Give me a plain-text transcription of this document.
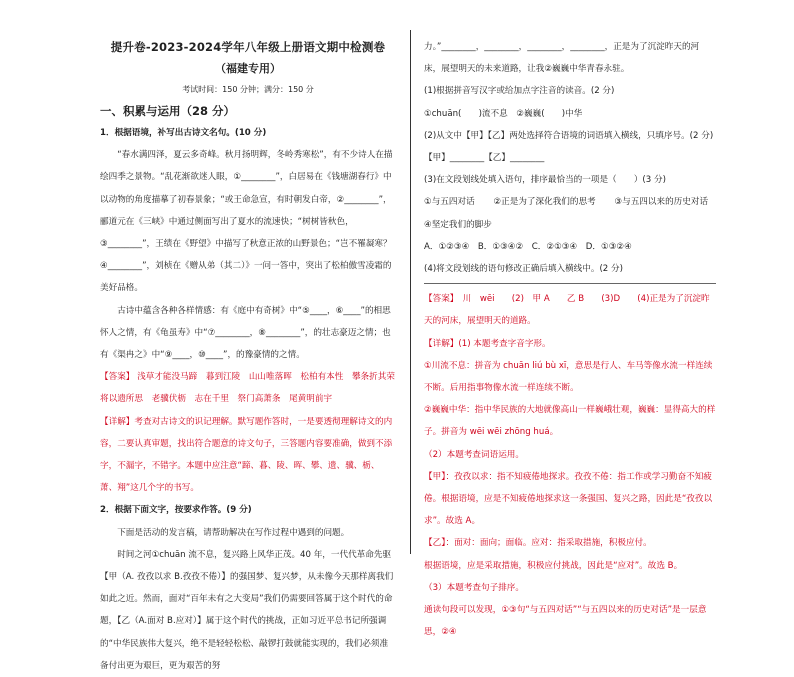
提升卷-2023-2024学年八年级上册语文期中检测卷
（福建专用）
考试时间：150 分钟；满分：150 分
一、积累与运用（28 分）

1．根据语境，补写出古诗文名句。(10 分)

“春水满四泽，夏云多奇峰。秋月扬明辉，冬岭秀寒松”，有不少诗人在描绘四季之景物。“乱花渐欲迷人眼，①________”，白居易在《钱塘湖春行》中以动物的角度描摹了初春景象；“或王命急宣，有时朝发白帝，②________”，郦道元在《三峡》中通过侧面写出了夏水的流速快；“树树皆秋色，③________”，王绩在《野望》中描写了秋意正浓的山野景色；“岂不罹凝寒？④________”，刘桢在《赠从弟（其二）》一问一答中，突出了松柏傲雪凌霜的美好品格。

古诗中蕴含各种各样情感：有《庭中有奇树》中“⑤____，⑥____”的相思怀人之情，有《龟虽寿》中“⑦________，⑧________”，的壮志豪迈之情；也有《渠冉之》中“⑨____，⑩____”，的豫豪情的之情。

【答案】 浅草才能没马蹄　暮到江陵　山山唯落晖　松柏有本性　攀条折其荣　将以遗所思　老骥伏枥　志在千里　祭门高萧条　尾黄明前宇

【详解】考查对古诗文的识记理解。默写题作答时，一是要透彻理解诗文的内容，二要认真审题，找出符合题意的诗文句子，三答题内容要准确，做到不添字，不漏字，不错字。本题中应注意“蹄、暮、陵、晖、攀、遗、骥、栃、萧、翔”这几个字的书写。

2．根据下面文字，按要求作答。(9 分)

下面是活动的发言稿，请帮助解决在写作过程中遇到的问题。

时间之河①chuān 流不息，复兴路上风华正茂。40 年，一代代革命先驱【甲（A. 孜孜以求 B.孜孜不倦）】的强国梦、复兴梦，从未像今天那样离我们如此之近。然而，面对“百年未有之大变局”我们仍需要回答属于这个时代的命题，【乙（A.面对 B.应对）】属于这个时代的挑战，正如习近平总书记所强调的“中华民族伟大复兴，绝不是轻轻松松、敲锣打鼓就能实现的，我们必须准备付出更为艰巨，更为艰苦的努

力。”________，________，________，________，正是为了沉淀昨天的河床，展望明天的未来道路，让我②巍巍中华青春永驻。

(1)根据拼音写汉字或给加点字注音的读音。(2 分)

①chuān(　　)流不息　②巍巍(　　)中华

(2)从文中【甲】【乙】两处选择符合语境的词语填入横线，只填序号。(2 分)

【甲】________【乙】________

(3)在文段划线处填入语句，排序最恰当的一项是（　　）(3 分)

①与五四对话 ②正是为了深化我们的思考 ③与五四以来的历史对话

④坚定我们的脚步

A．①②③④　B．①③④②　C．②①③④　D．①③②④

(4)将文段划线的语句修改正确后填入横线中。(2 分)

【答案】　川　wēi　　(2)　甲 A　　乙 B　　(3)D　　(4)正是为了沉淀昨天的河床，展望明天的道路。

【详解】(1) 本题考查字音字形。

①川流不息：拼音为 chuān liú bù xī，意思是行人、车马等像水流一样连续不断。后用指事物像水流一样连续不断。

②巍巍中华：指中华民族的大地就像高山一样巍峨壮观，巍巍：显得高大的样子。拼音为 wēi wēi zhōng huá。

（2）本题考查词语运用。

【甲】：孜孜以求：指不知疲倦地探求。孜孜不倦：指工作或学习勤奋不知疲倦。根据语境，应是不知疲倦地探求这一条强国、复兴之路，因此是“孜孜以求”。故选 A。

【乙】：面对：面向；面临。应对：指采取措施，积极应付。

根据语境，应是采取措施，积极应付挑战，因此是“应对”。故选 B。

（3）本题考查句子排序。

通读句段可以发现，①③句“与五四对话”“与五四以来的历史对话”是一层意思，②④
